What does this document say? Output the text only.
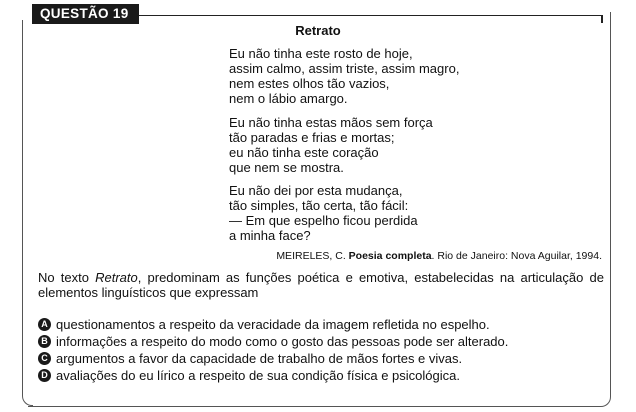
QUESTÃO 19
Retrato
Eu não tinha este rosto de hoje,
assim calmo, assim triste, assim magro,
nem estes olhos tão vazios,
nem o lábio amargo.
Eu não tinha estas mãos sem força
tão paradas e frias e mortas;
eu não tinha este coração
que nem se mostra.
Eu não dei por esta mudança,
tão simples, tão certa, tão fácil:
— Em que espelho ficou perdida
a minha face?
MEIRELES, C. Poesia completa. Rio de Janeiro: Nova Aguilar, 1994.
No texto Retrato, predominam as funções poética e emotiva, estabelecidas na articulação de elementos linguísticos que expressam
A questionamentos a respeito da veracidade da imagem refletida no espelho.
B informações a respeito do modo como o gosto das pessoas pode ser alterado.
C argumentos a favor da capacidade de trabalho de mãos fortes e vivas.
D avaliações do eu lírico a respeito de sua condição física e psicológica.
